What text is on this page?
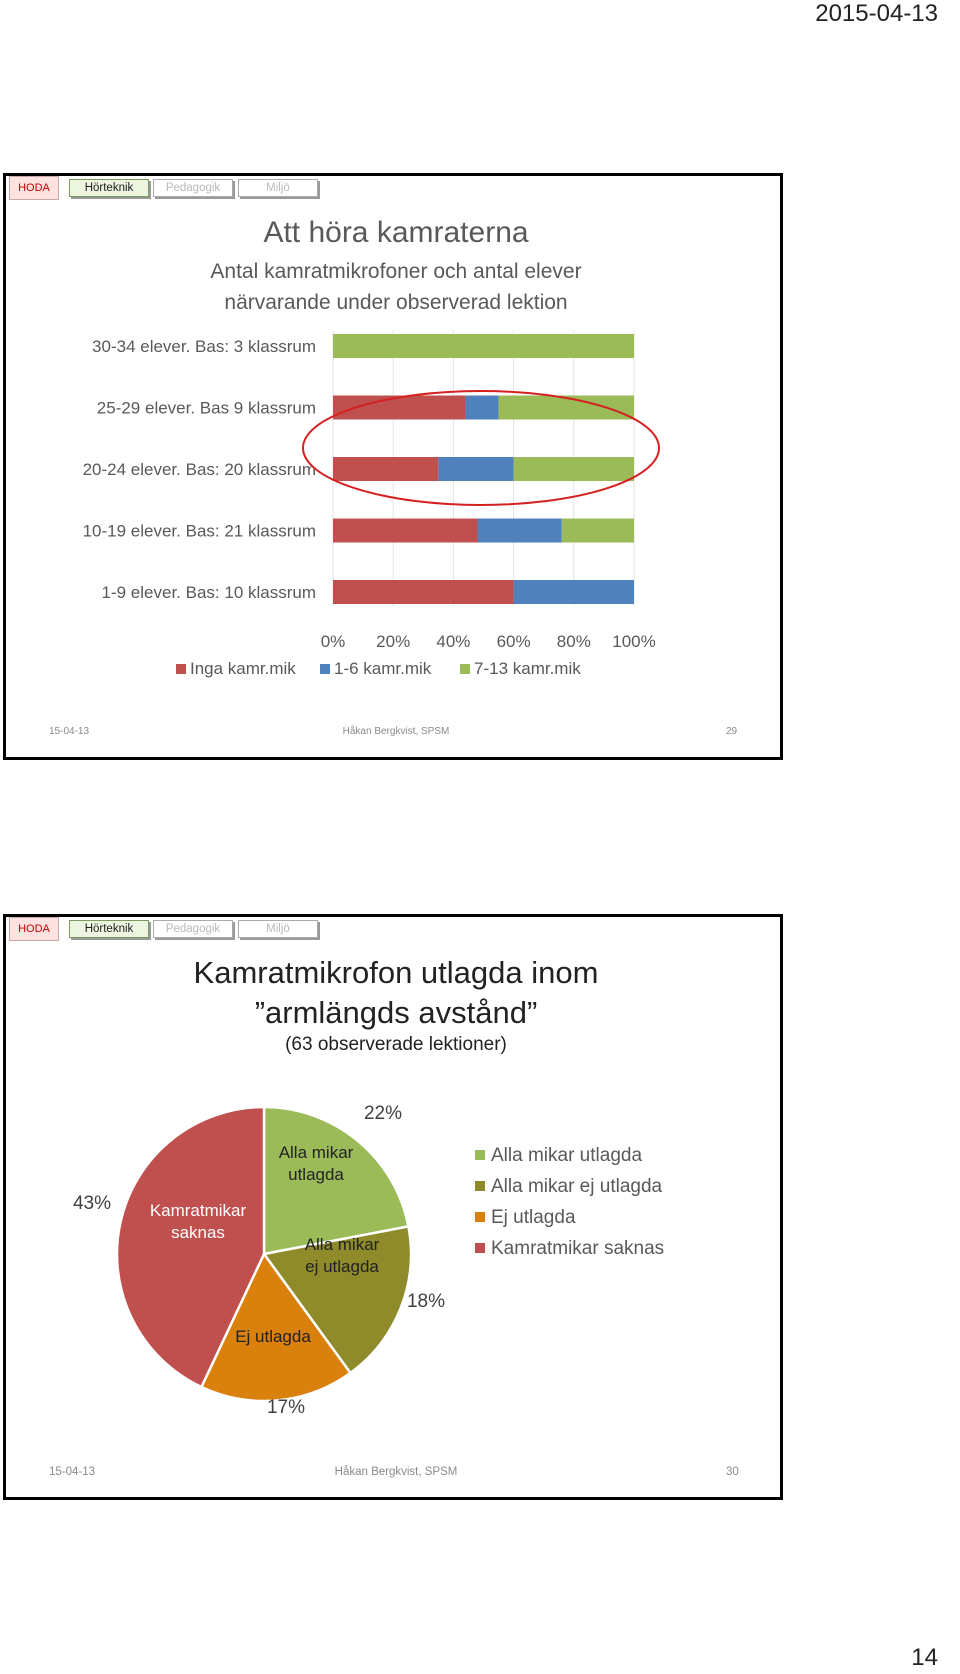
2015-04-13
HODA	Hörteknik	Pedagogik	Miljö
Att höra kamraterna
Antal kamratmikrofoner och antal elever närvarande under observerad lektion
30-34 elever. Bas: 3 klassrum
25-29 elever. Bas 9 klassrum
20-24 elever. Bas: 20 klassrum
10-19 elever. Bas: 21 klassrum
1-9 elever. Bas: 10 klassrum
0% 20% 40% 60% 80% 100%
Inga kamr.mik 1-6 kamr.mik	7-13 kamr.mik
15-04-13	Håkan Bergkvist, SPSM	29
HODA	Hörteknik	Pedagogik	Miljö
Kamratmikrofon utlagda inom
”armlängds avstånd”
(63 observerade lektioner)
22%
Alla mikar
utlagda
Alla mikar utlagda
18%
Alla mikar
ej utlagda
Alla mikar ej utlagda
17%
Ej utlagda
Ej utlagda
43% Kamratmikar
saknas
Kamratmikar saknas
15-04-13	Håkan Bergkvist, SPSM	30
14
